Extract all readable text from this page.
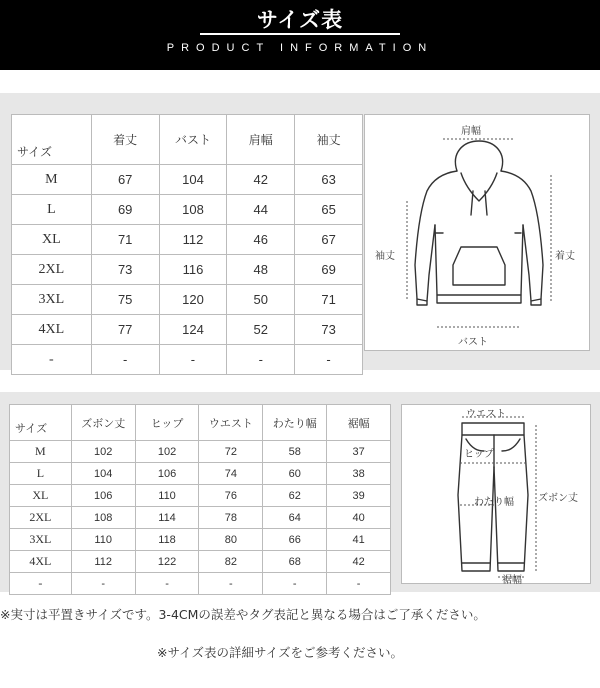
サイズ表
PRODUCT INFORMATION
サイズ	着丈	バスト	肩幅	袖丈
M	67	104	42	63
L	69	108	44	65
XL	71	112	46	67
2XL	73	116	48	69
3XL	75	120	50	71
4XL	77	124	52	73
-	-	-	-	-
肩幅
袖丈	着丈
バスト
サイズ	ズボン丈	ヒップ	ウエスト	わたり幅	裾幅
M	102	102	72	58	37
L	104	106	74	60	38
XL	106	110	76	62	39
2XL	108	114	78	64	40
3XL	110	118	80	66	41
4XL	112	122	82	68	42
-	-	-	-	-	-
ウエスト
ヒップ
わたり幅 ズボン丈
裾幅
※実寸は平置きサイズです。3-4CMの誤差やタグ表記と異なる場合はご了承ください。
※サイズ表の詳細サイズをご参考ください。
